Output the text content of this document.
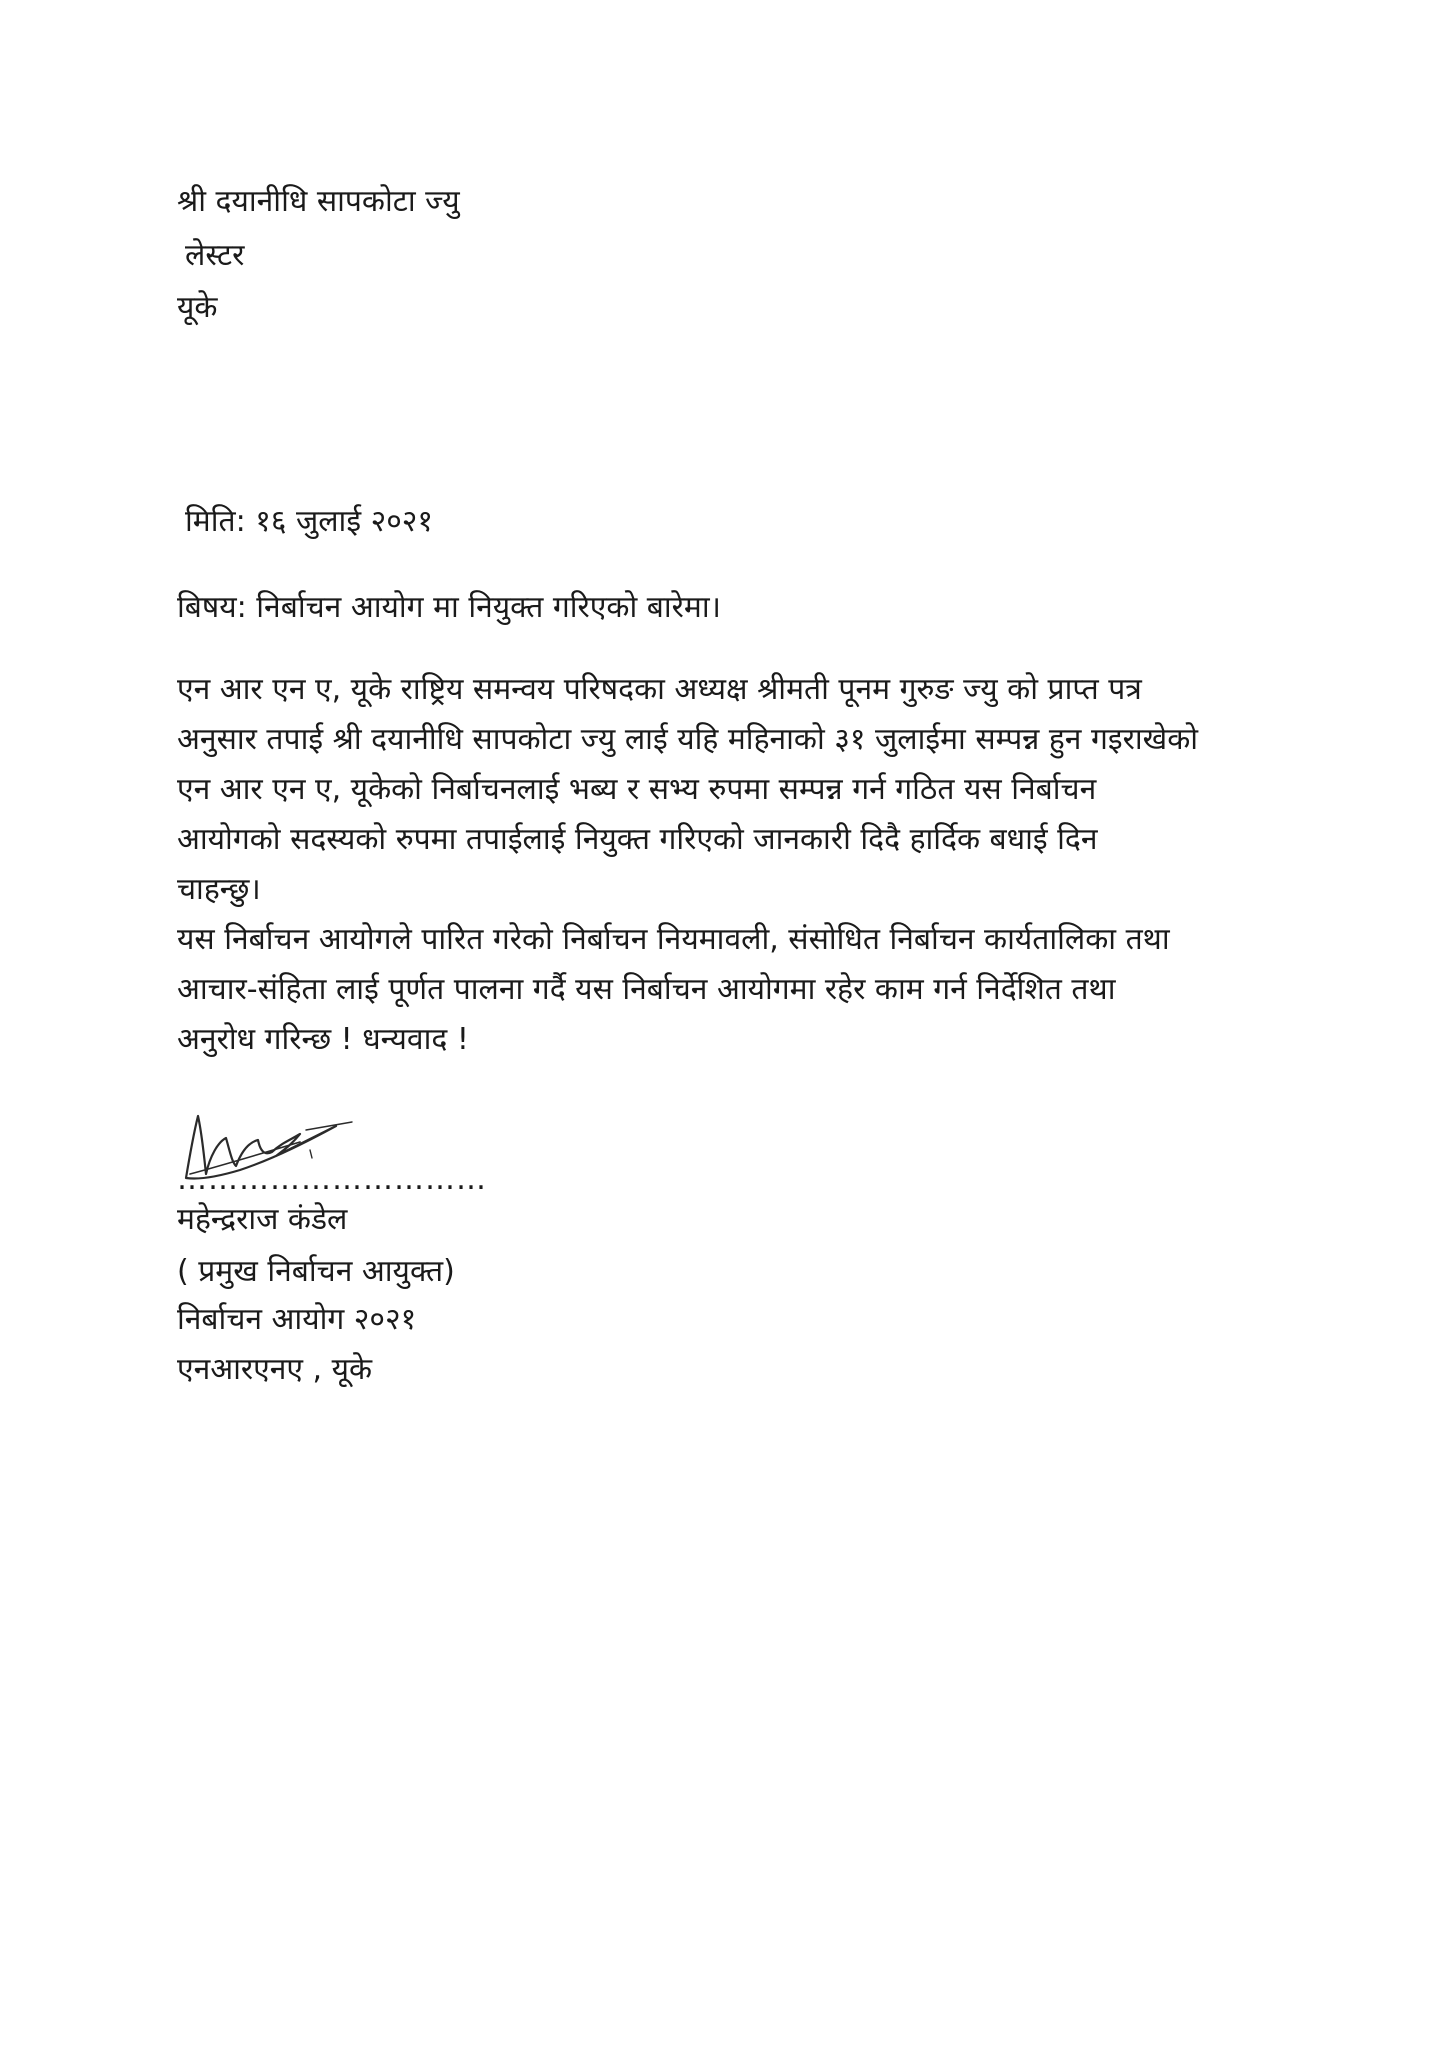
श्री दयानीधि सापकोटा ज्यु

लेस्टर

यूके

मिति: १६ जुलाई २०२१

बिषय: निर्बाचन आयोग मा नियुक्त गरिएको बारेमा।

एन आर एन ए, यूके राष्ट्रिय समन्वय परिषदका अध्यक्ष श्रीमती पूनम गुरुङ ज्यु को प्राप्त पत्र
अनुसार तपाई श्री दयानीधि सापकोटा ज्यु लाई यहि महिनाको ३१ जुलाईमा सम्पन्न हुन गइराखेको
एन आर एन ए, यूकेको निर्बाचनलाई भब्य र सभ्य रुपमा सम्पन्न गर्न गठित यस निर्बाचन
आयोगको सदस्यको रुपमा तपाईलाई नियुक्त गरिएको जानकारी दिदै हार्दिक बधाई दिन
चाहन्छु।
यस निर्बाचन आयोगले पारित गरेको निर्बाचन नियमावली, संसोधित निर्बाचन कार्यतालिका तथा
आचार-संहिता लाई पूर्णत पालना गर्दै यस निर्बाचन आयोगमा रहेर काम गर्न निर्देशित तथा
अनुरोध गरिन्छ ! धन्यवाद !

…………………………

महेन्द्रराज कंडेल

( प्रमुख निर्बाचन आयुक्त)

निर्बाचन आयोग २०२१

एनआरएनए , यूके
